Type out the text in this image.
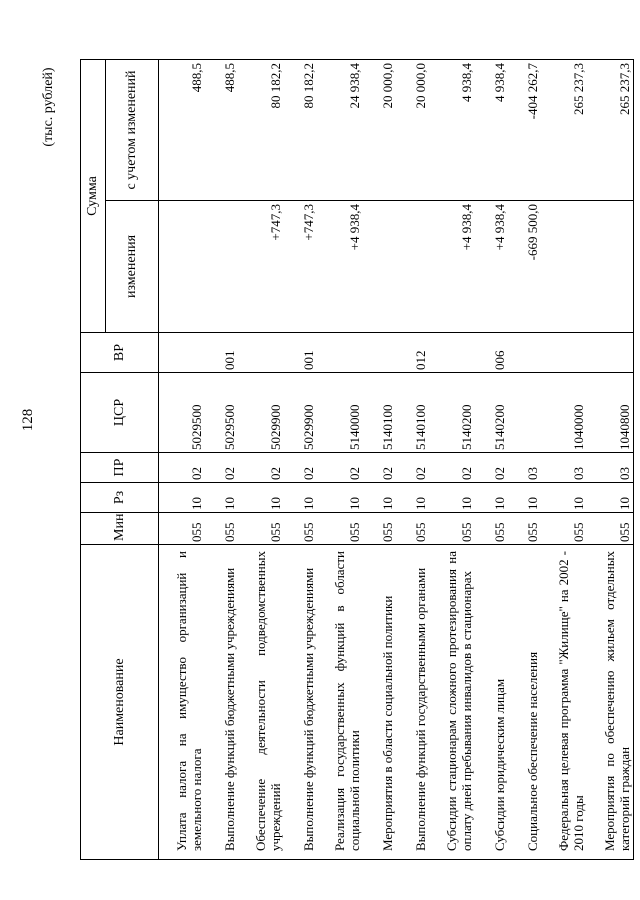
128
(тыс. рублей)
Наименование	Мин	Рз	ПР	ЦСР	ВР	Сумма	
						изменения	с учетом изменений
Уплата налога на имущество организаций и земельного налога	055	10	02	5029500			488,5
Выполнение функций бюджетными учреждениями	055	10	02	5029500	001		488,5
Обеспечение деятельности подведомственных учреждений	055	10	02	5029900		+747,3	80 182,2
Выполнение функций бюджетными учреждениями	055	10	02	5029900	001	+747,3	80 182,2
Реализация государственных функций в области социальной политики	055	10	02	5140000		+4 938,4	24 938,4
Мероприятия в области социальной политики	055	10	02	5140100			20 000,0
Выполнение функций государственными органами	055	10	02	5140100	012		20 000,0
Субсидии стационарам сложного протезирования на оплату дней пребывания инвалидов в стационарах	055	10	02	5140200		+4 938,4	4 938,4
Субсидии юридическим лицам	055	10	02	5140200	006	+4 938,4	4 938,4
Социальное обеспечение населения	055	10	03			-669 500,0	-404 262,7
Федеральная целевая программа "Жилище" на 2002 - 2010 годы	055	10	03	1040000			265 237,3
Мероприятия по обеспечению жильем отдельных категорий граждан	055	10	03	1040800			265 237,3
